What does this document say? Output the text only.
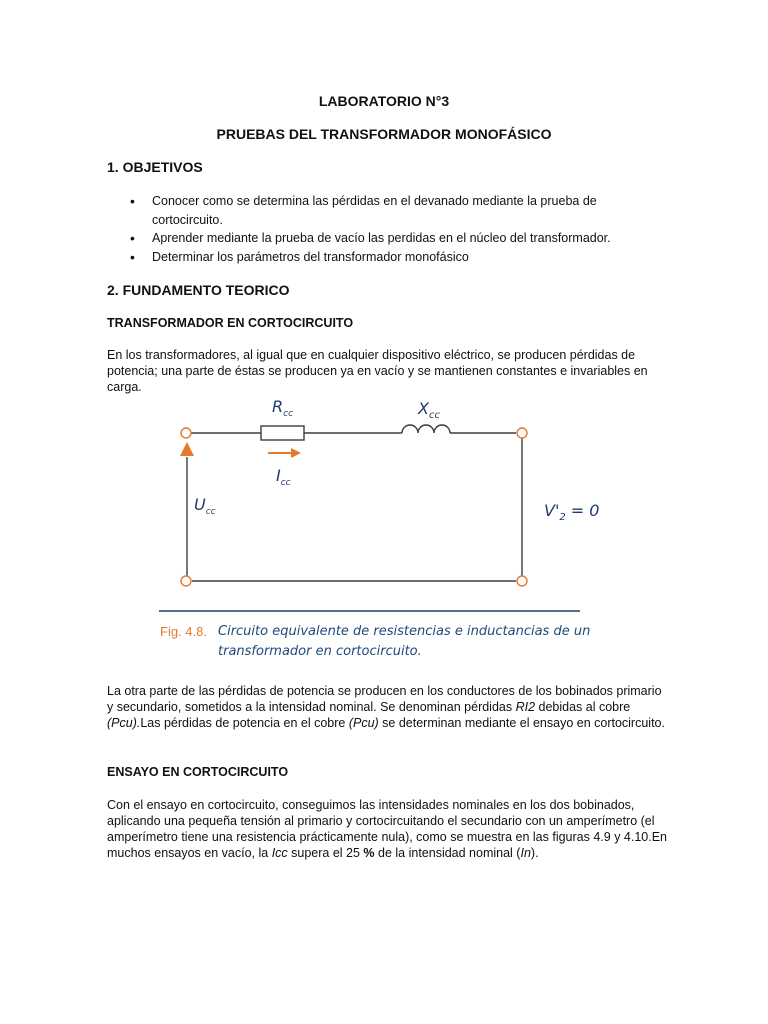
LABORATORIO N°3
PRUEBAS DEL TRANSFORMADOR MONOFÁSICO
1. OBJETIVOS
• Conocer como se determina las pérdidas en el devanado mediante la prueba de cortocircuito.
• Aprender mediante la prueba de vacío las perdidas en el núcleo del transformador.
• Determinar los parámetros del transformador monofásico
2. FUNDAMENTO TEORICO
TRANSFORMADOR EN CORTOCIRCUITO
En los transformadores, al igual que en cualquier dispositivo eléctrico, se producen pérdidas de potencia; una parte de éstas se producen ya en vacío y se mantienen constantes e invariables en carga.
$R_{cc}$	$X_{cc}$
$I_{cc}$
$U_{cc}$	$V'_2 = 0$
Fig. 4.8. Circuito equivalente de resistencias e inductancias de un transformador en cortocircuito.
La otra parte de las pérdidas de potencia se producen en los conductores de los bobinados primario y secundario, sometidos a la intensidad nominal. Se denominan pérdidas RI2 debidas al cobre (Pcu).Las pérdidas de potencia en el cobre (Pcu) se determinan mediante el ensayo en cortocircuito.
ENSAYO EN CORTOCIRCUITO
Con el ensayo en cortocircuito, conseguimos las intensidades nominales en los dos bobinados, aplicando una pequeña tensión al primario y cortocircuitando el secundario con un amperímetro (el amperímetro tiene una resistencia prácticamente nula), como se muestra en las figuras 4.9 y 4.10.En muchos ensayos en vacío, la Icc supera el 25 % de la intensidad nominal (In).
